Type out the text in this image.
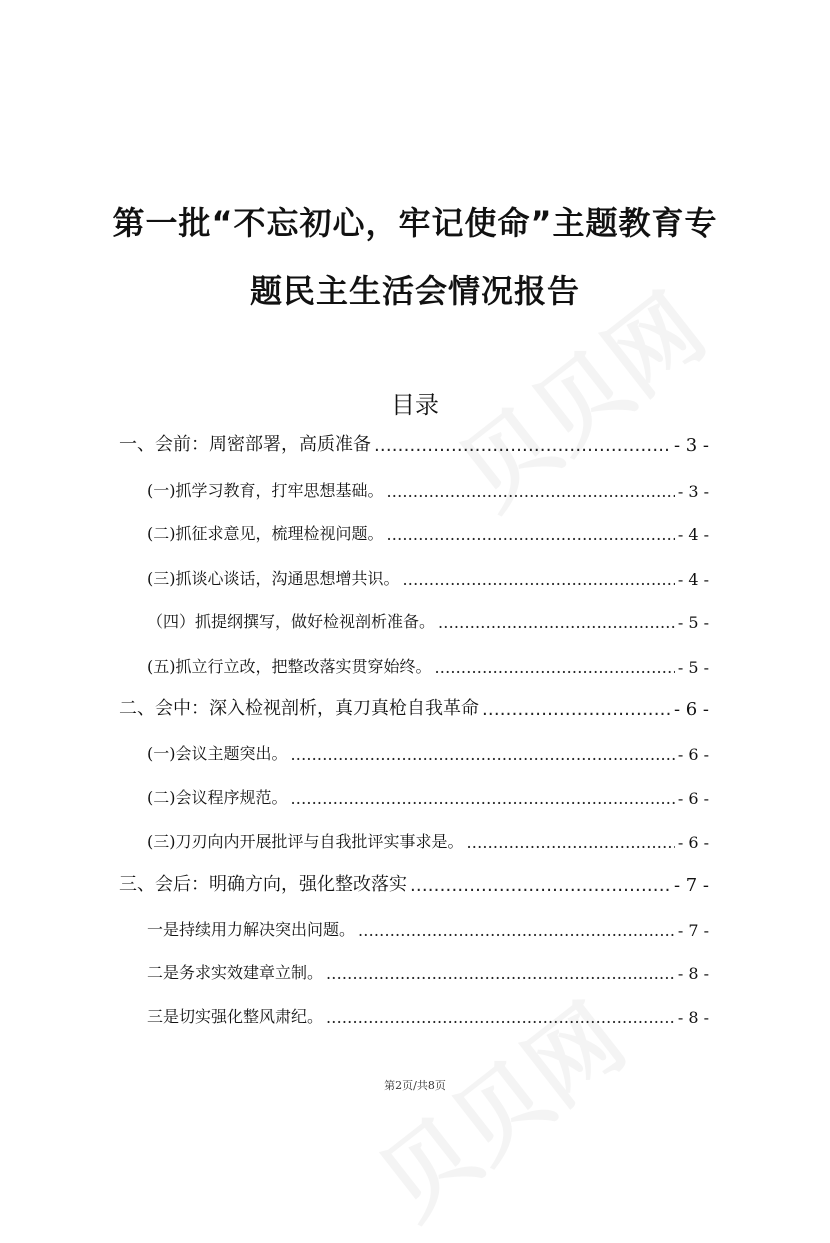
第一批“不忘初心，牢记使命”主题教育专
题民主生活会情况报告
目录
一、会前：周密部署，高质准备 .....	- 3 -
(一)抓学习教育，打牢思想基础。 .....	- 3 -
(二)抓征求意见，梳理检视问题。 .....	- 4 -
(三)抓谈心谈话，沟通思想增共识。 .....	- 4 -
（四）抓提纲撰写，做好检视剖析准备。 .....	- 5 -
(五)抓立行立改，把整改落实贯穿始终。 .....	- 5 -
二、会中：深入检视剖析，真刀真枪自我革命 .....	- 6 -
(一)会议主题突出。 .....	- 6 -
(二)会议程序规范。 .....	- 6 -
(三)刀刃向内开展批评与自我批评实事求是。 .....	- 6 -
三、会后：明确方向，强化整改落实 .....	- 7 -
一是持续用力解决突出问题。 .....	- 7 -
二是务求实效建章立制。 .....	- 8 -
三是切实强化整风肃纪。 .....	- 8 -
第2页/共8页
